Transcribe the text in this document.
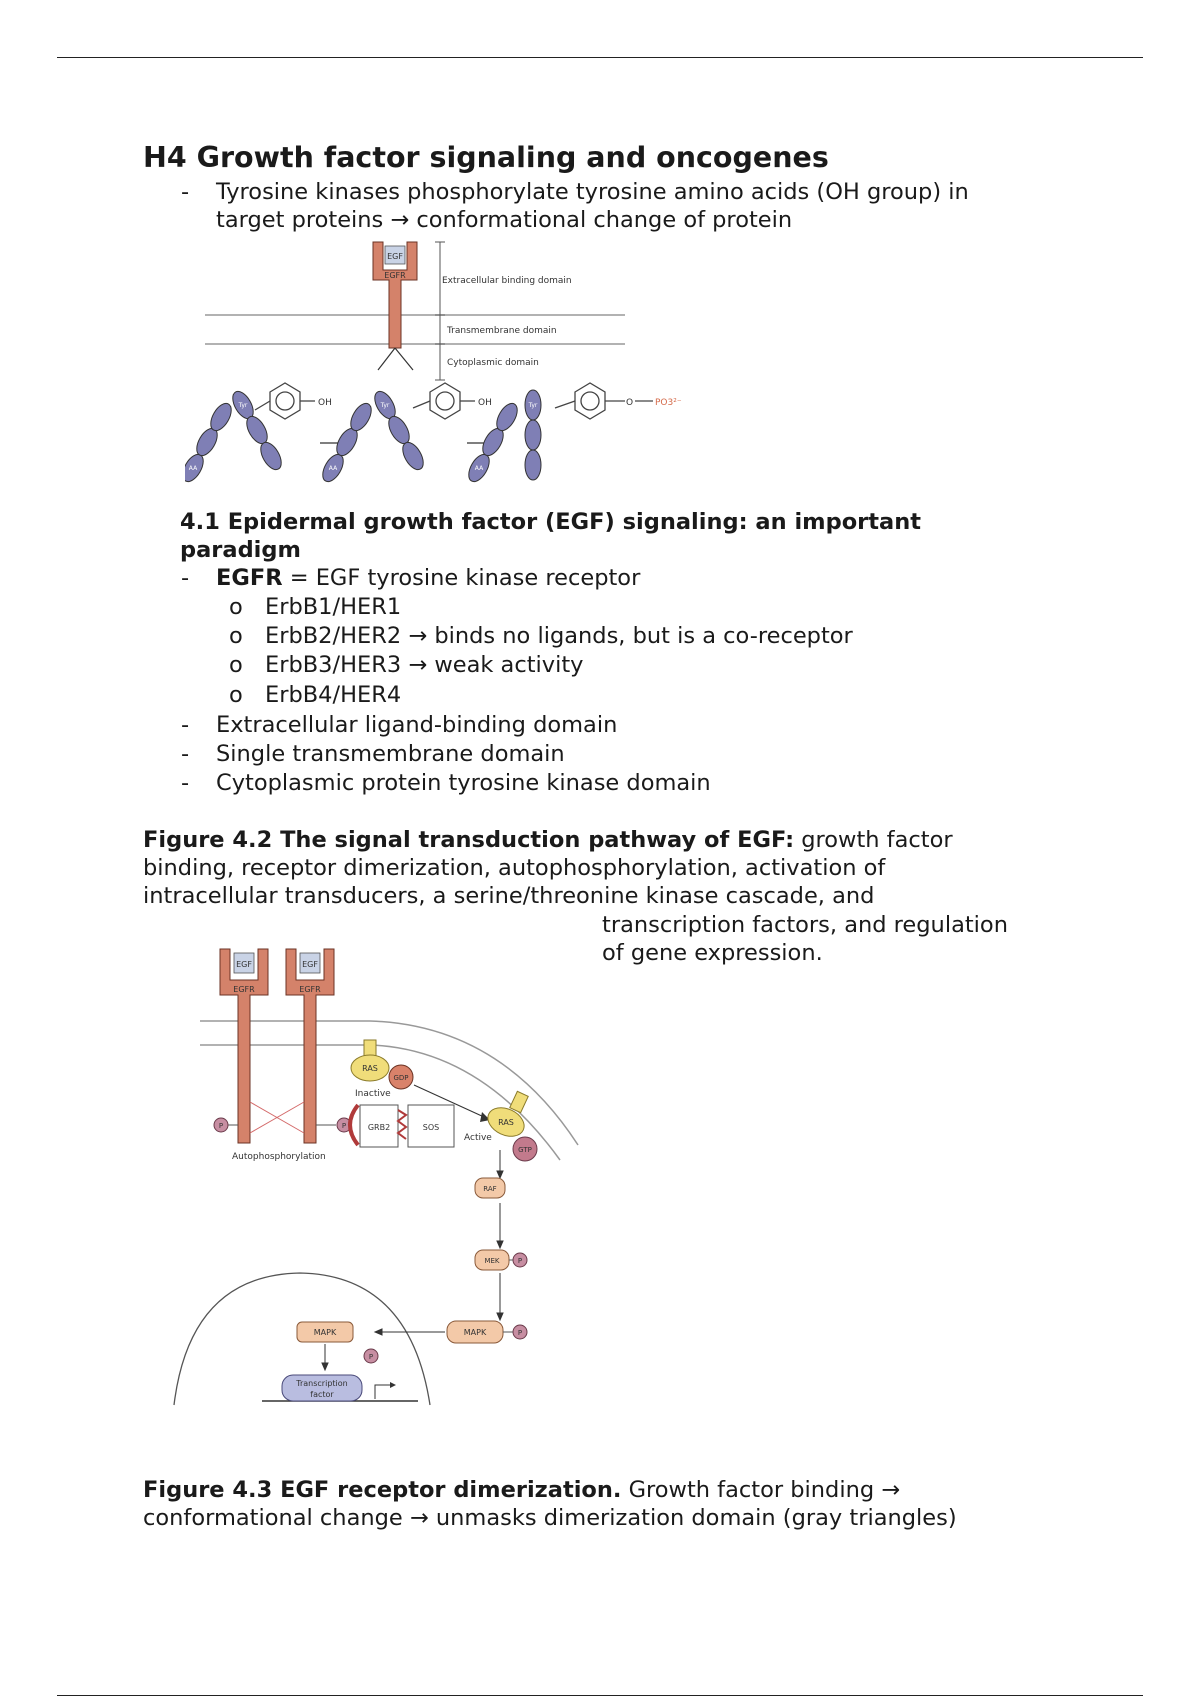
H4 Growth factor signaling and oncogenes
- Tyrosine kinases phosphorylate tyrosine amino acids (OH group) in
target proteins → conformational change of protein
EGF
EGFR
Extracellular binding domain
Transmembrane domain
Cytoplasmic domain
OH	OH	O PO3²⁻
Tyr	Tyr	Tyr
AA	AA	AA
4.1 Epidermal growth factor (EGF) signaling: an important
paradigm
- EGFR = EGF tyrosine kinase receptor
o ErbB1/HER1
o ErbB2/HER2 → binds no ligands, but is a co-receptor
o ErbB3/HER3 → weak activity
o ErbB4/HER4
- Extracellular ligand-binding domain
- Single transmembrane domain
- Cytoplasmic protein tyrosine kinase domain
Figure 4.2 The signal transduction pathway of EGF: growth factor
binding, receptor dimerization, autophosphorylation, activation of
intracellular transducers, a serine/threonine kinase cascade, and
transcription factors, and regulation
of gene expression.
EGF
EGFR
EGF
EGFR
Autophosphorylation
P	P
P
P
P
RAS
GDP
Inactive
GRB2	SOS
RAS
GTP
Active
RAF
MEK
MAPK
MAPK
Transcription
factor
Figure 4.3 EGF receptor dimerization. Growth factor binding →
conformational change → unmasks dimerization domain (gray triangles)
